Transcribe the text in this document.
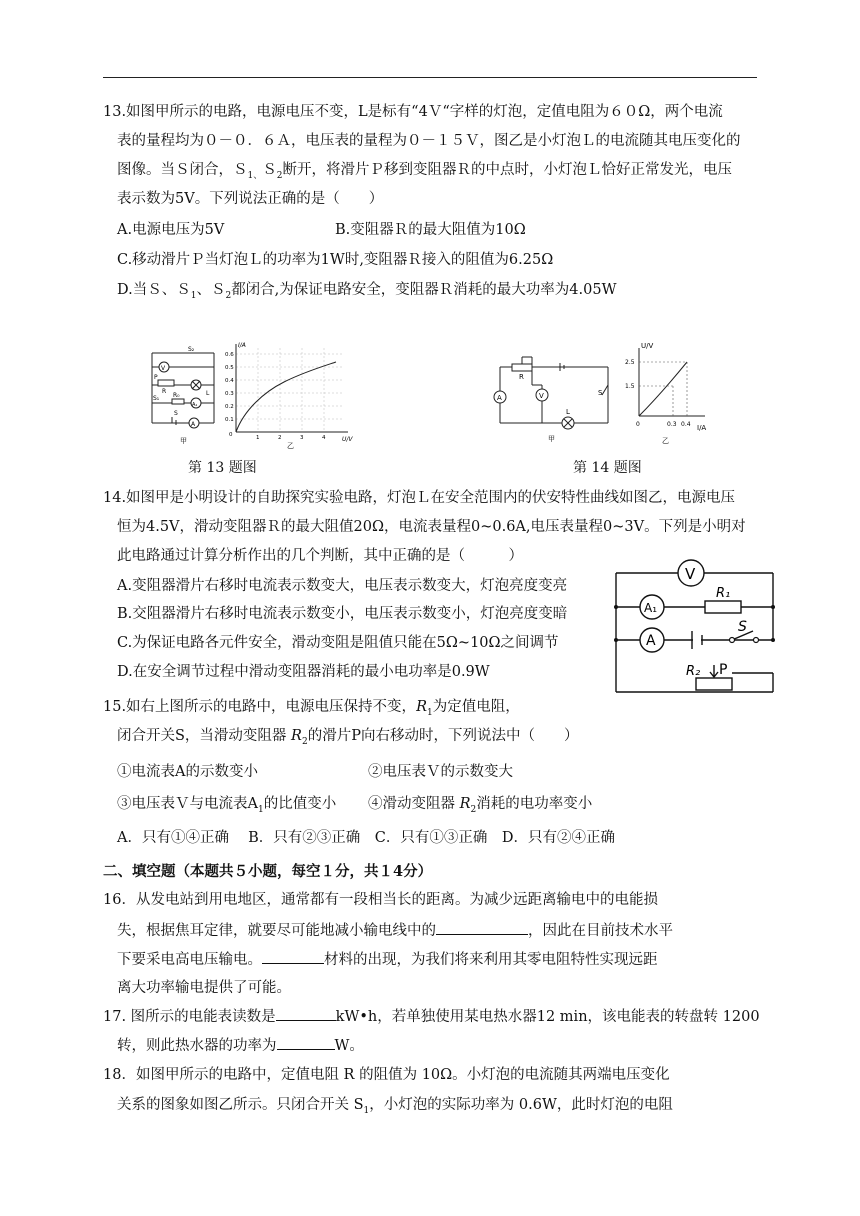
13.如图甲所示的电路，电源电压不变，L是标有“4Ｖ“字样的灯泡，定值电阻为６０Ω，两个电流
表的量程均为０－０．６Ａ，电压表的量程为０－１５Ｖ，图乙是小灯泡Ｌ的电流随其电压变化的
图像。当Ｓ闭合，Ｓ$_{1、}$Ｓ$_2$断开，将滑片Ｐ移到变阻器Ｒ的中点时，小灯泡Ｌ恰好正常发光，电压
表示数为5V。下列说法正确的是（　　）
A.电源电压为5V	B.变阻器Ｒ的最大阻值为10Ω
C.移动滑片Ｐ当灯泡Ｌ的功率为1W时,变阻器Ｒ接入的阻值为6.25Ω
D.当Ｓ、Ｓ$_1$、Ｓ$_2$都闭合,为保证电路安全，变阻器Ｒ消耗的最大功率为4.05W
S₂
V
P
R	L
R₀
S₁
A₁
S
A
甲
I/A
U/V
0.6
0.5
0.4
0.3
0.2
0.1
0	1	2	3	4
乙
R
V
A
S
L
甲
U/V
I/A
2.5
1.5
0	0.3 0.4
乙
第 13 题图	第 14 题图
14.如图甲是小明设计的自助探究实验电路，灯泡Ｌ在安全范围内的伏安特性曲线如图乙，电源电压
恒为4.5V，滑动变阻器Ｒ的最大阻值20Ω，电流表量程0~0.6A,电压表量程0~3V。下列是小明对
此电路通过计算分析作出的几个判断，其中正确的是（　　　）
A.变阻器滑片右移时电流表示数变大，电压表示数变大，灯泡亮度变亮
B.交阻器滑片右移时电流表示数变小，电压表示数变小，灯泡亮度变暗
C.为保证电路各元件安全，滑动变阻是阻值只能在5Ω~10Ω之间调节
D.在安全调节过程中滑动变阻器消耗的最小电功率是0.9W
V
R₁
A₁
A
S
R₂ P
15.如右上图所示的电路中，电源电压保持不变，$R_1$为定值电阻，
闭合开关S，当滑动变阻器 $R_2$的滑片P向右移动时，下列说法中（　　）
①电流表A的示数变小	②电压表Ｖ的示数变大
③电压表Ｖ与电流表$A_1$的比值变小 ④滑动变阻器 $R_2$消耗的电功率变小
A．只有①④正确　 B．只有②③正确　C．只有①③正确　D．只有②④正确
二、填空题（本题共５小题，每空１分，共１4分）
16．从发电站到用电地区，通常都有一段相当长的距离。为减少远距离输电中的电能损
失，根据焦耳定律，就要尽可能地减小输电线中的	，因此在目前技术水平
下要采电高电压输电。	材料的出现，为我们将来利用其零电阻特性实现远距
离大功率输电提供了可能。
17. 图所示的电能表读数是	kW•h，若单独使用某电热水器12 min，该电能表的转盘转 1200
转，则此热水器的功率为	W。
18．如图甲所示的电路中，定值电阻 R 的阻值为 10Ω。小灯泡的电流随其两端电压变化
关系的图象如图乙所示。只闭合开关 $S_1$，小灯泡的实际功率为 0.6W，此时灯泡的电阻
